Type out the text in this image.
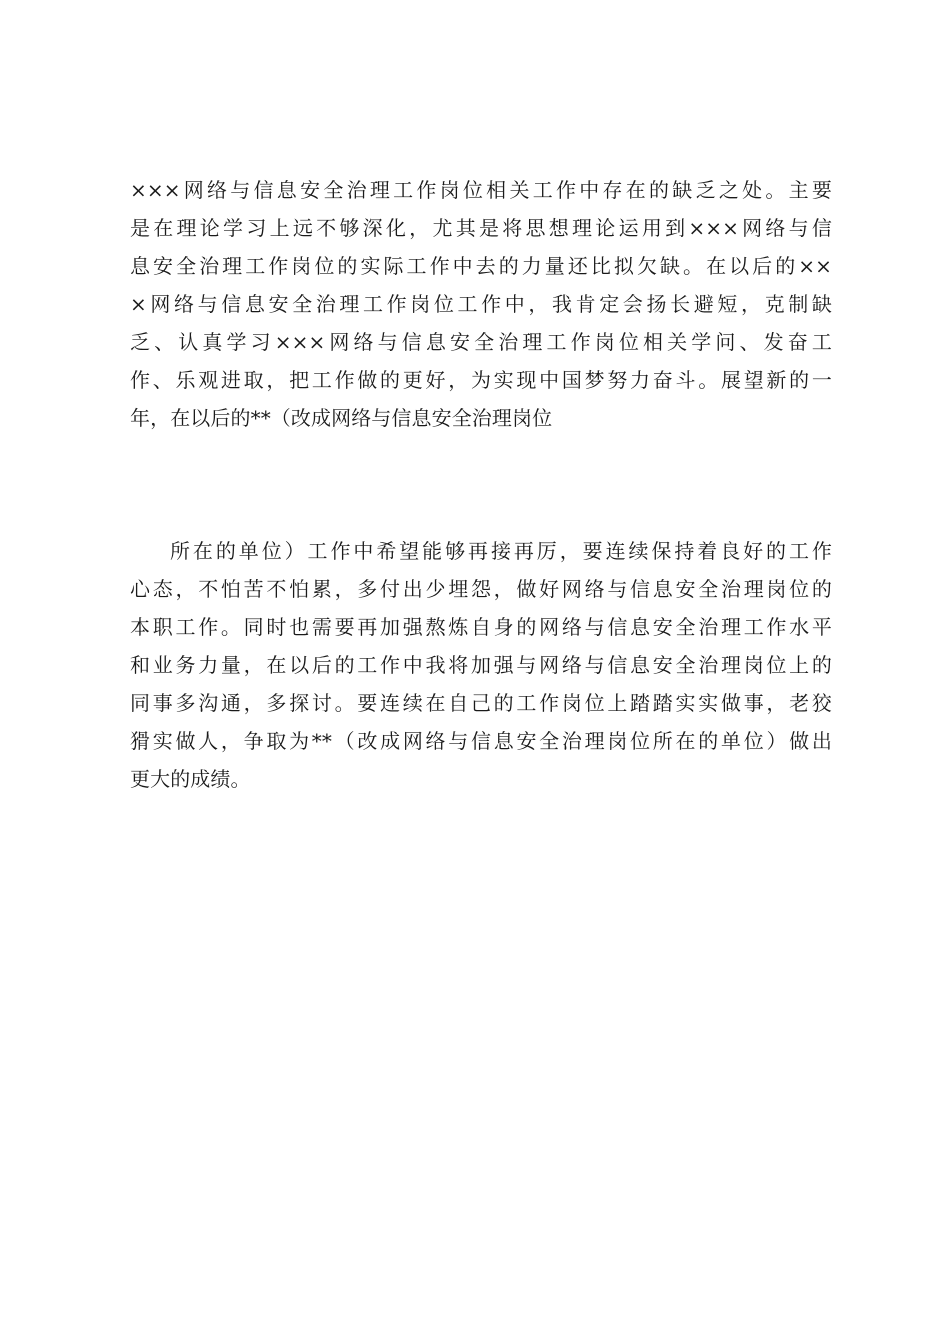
×××网络与信息安全治理工作岗位相关工作中存在的缺乏之处。主要
是在理论学习上远不够深化，尤其是将思想理论运用到×××网络与信
息安全治理工作岗位的实际工作中去的力量还比拟欠缺。在以后的××
×网络与信息安全治理工作岗位工作中，我肯定会扬长避短，克制缺
乏、认真学习×××网络与信息安全治理工作岗位相关学问、发奋工
作、乐观进取，把工作做的更好，为实现中国梦努力奋斗。展望新的一
年，在以后的**（改成网络与信息安全治理岗位
所在的单位）工作中希望能够再接再厉，要连续保持着良好的工作
心态，不怕苦不怕累，多付出少埋怨，做好网络与信息安全治理岗位的
本职工作。同时也需要再加强熬炼自身的网络与信息安全治理工作水平
和业务力量，在以后的工作中我将加强与网络与信息安全治理岗位上的
同事多沟通，多探讨。要连续在自己的工作岗位上踏踏实实做事，老狡
猾实做人，争取为**（改成网络与信息安全治理岗位所在的单位）做出
更大的成绩。
